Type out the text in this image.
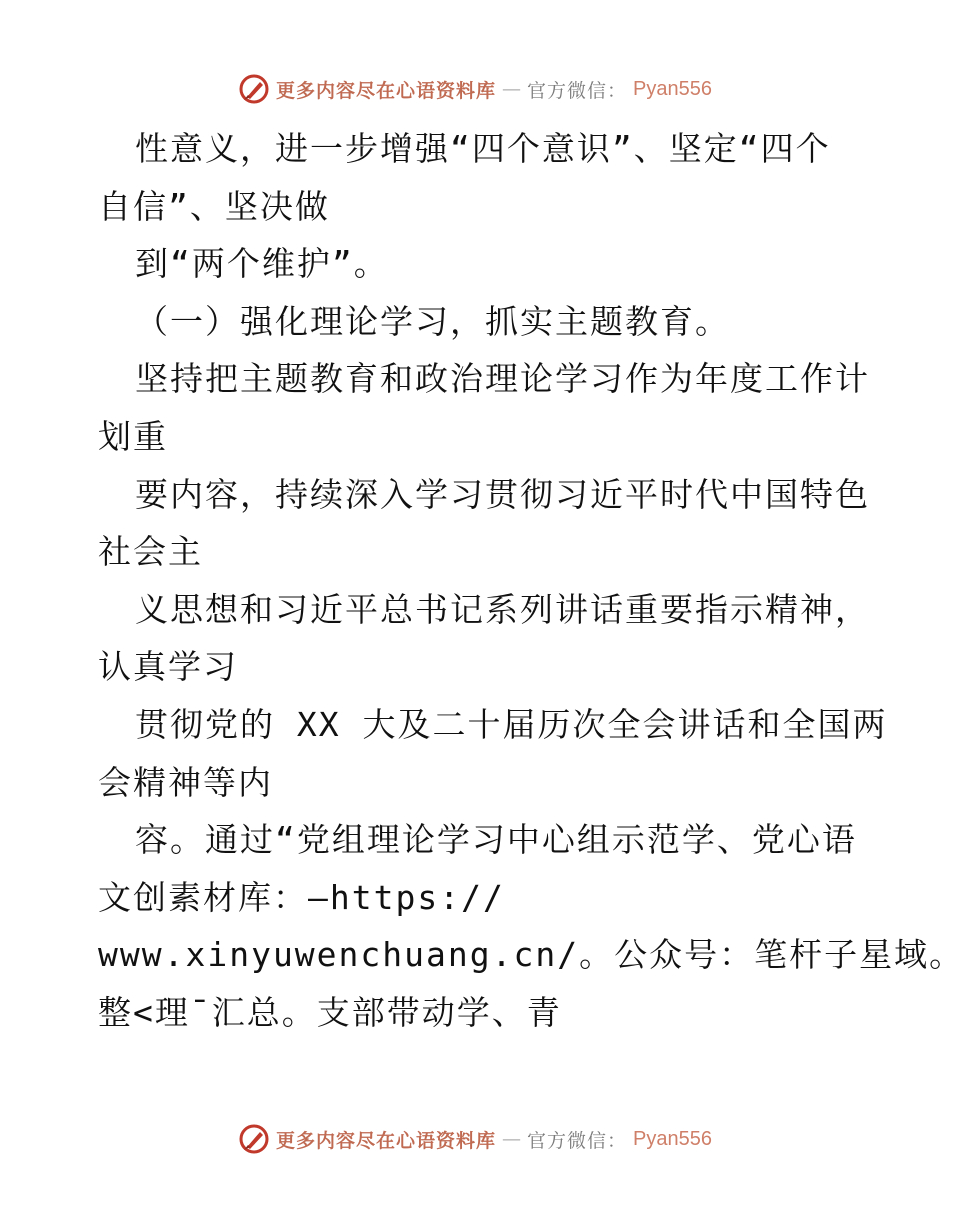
更多内容尽在心语资料库 — 官方微信： Pyan556
性意义，进一步增强“四个意识”、坚定“四个
自信”、坚决做
到“两个维护”。
（一）强化理论学习，抓实主题教育。
坚持把主题教育和政治理论学习作为年度工作计
划重
要内容，持续深入学习贯彻习近平时代中国特色
社会主
义思想和习近平总书记系列讲话重要指示精神，
认真学习
贯彻党的 XX 大及二十届历次全会讲话和全国两
会精神等内
容。通过“党组理论学习中心组示范学、党心语
文创素材库：—https://
www.xinyuwenchuang.cn/。公众号：笔杆子星域。
整<理¯汇总。支部带动学、青
更多内容尽在心语资料库 — 官方微信： Pyan556
